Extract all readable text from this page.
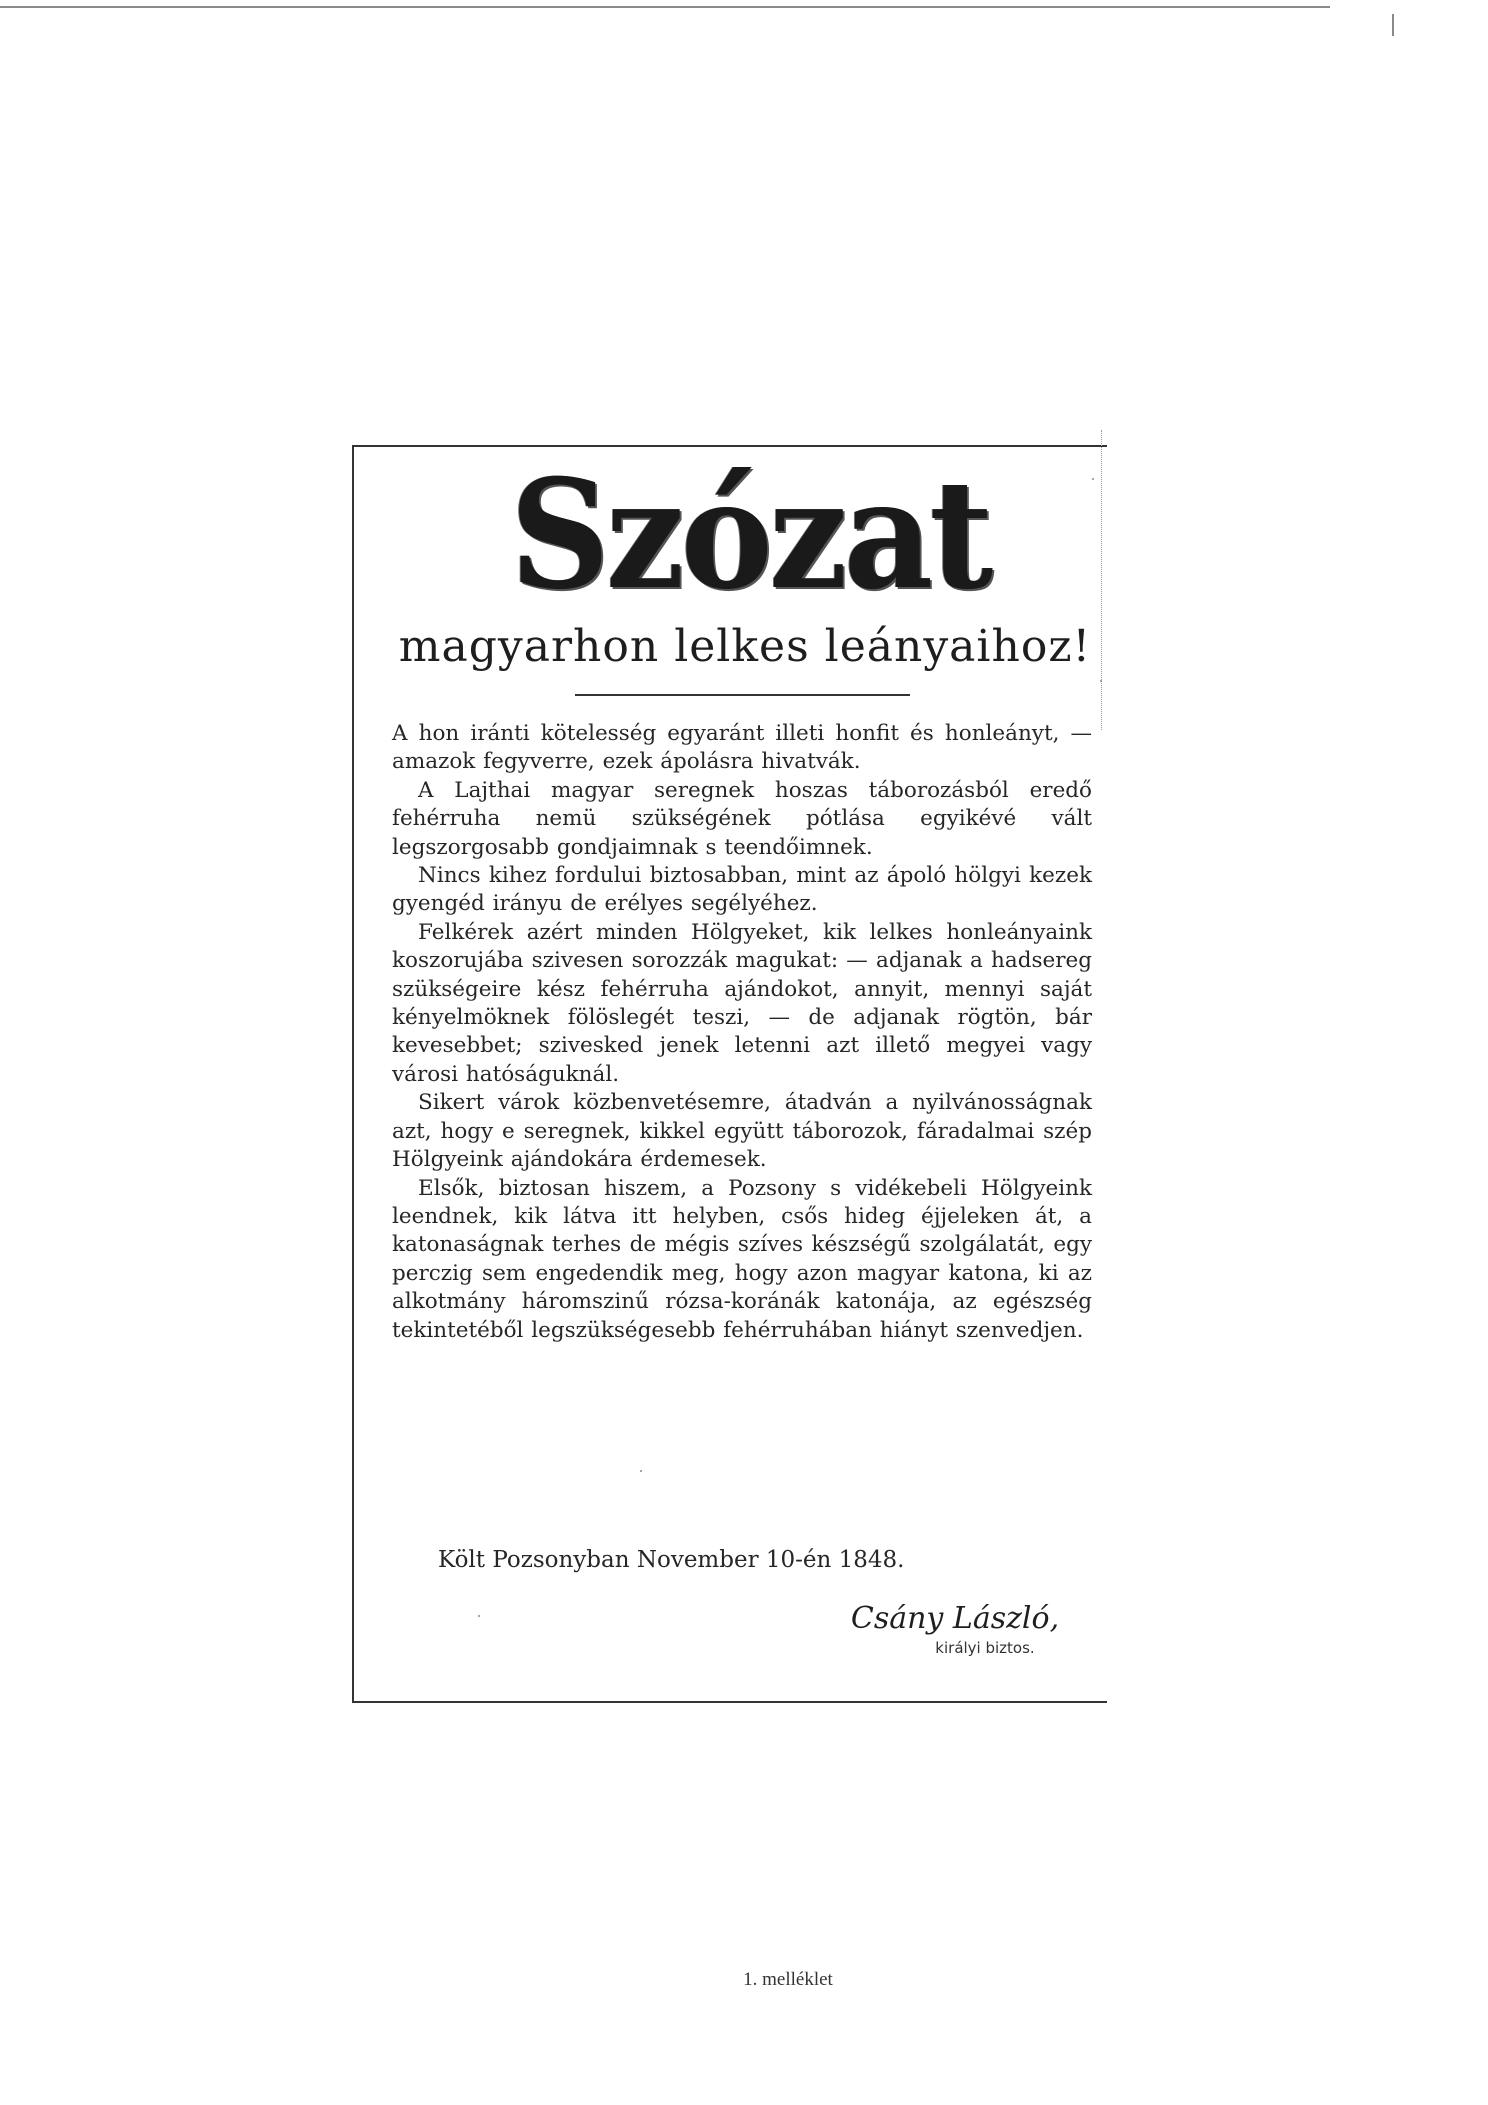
Szózat
magyarhon lelkes leányaihoz!

A hon iránti kötelesség egyaránt illeti honfit és honleányt, — amazok fegyverre, ezek ápolásra hivatvák.

A Lajthai magyar seregnek hoszas táborozásból eredő fehérruha nemü szükségének pótlása egyikévé vált legszorgosabb gondjaimnak s teendőimnek.

Nincs kihez fordului biztosabban, mint az ápoló hölgyi kezek gyengéd irányu de erélyes segélyéhez.

Felkérek azért minden Hölgyeket, kik lelkes honleányaink koszorujába szivesen sorozzák magukat: — adjanak a hadsereg szükségeire kész fehérruha ajándokot, annyit, mennyi saját kényelmöknek fölöslegét teszi, — de adjanak rögtön, bár kevesebbet; szivesked jenek letenni azt illető megyei vagy városi hatóságuknál.

Sikert várok közbenvetésemre, átadván a nyilvánosságnak azt, hogy e seregnek, kikkel együtt táborozok, fáradalmai szép Hölgyeink ajándokára érdemesek.

Elsők, biztosan hiszem, a Pozsony s vidékebeli Hölgyeink leendnek, kik látva itt helyben, csős hideg éjjeleken át, a katonaságnak terhes de mégis szíves készségű szolgálatát, egy perczig sem engedendik meg, hogy azon magyar katona, ki az alkotmány háromszinű rózsa-koránák katonája, az egészség tekintetéből legszükségesebb fehérruhában hiányt szenvedjen.

Költ Pozsonyban November 10-én 1848.
Csány László,
királyi biztos.
1. melléklet
